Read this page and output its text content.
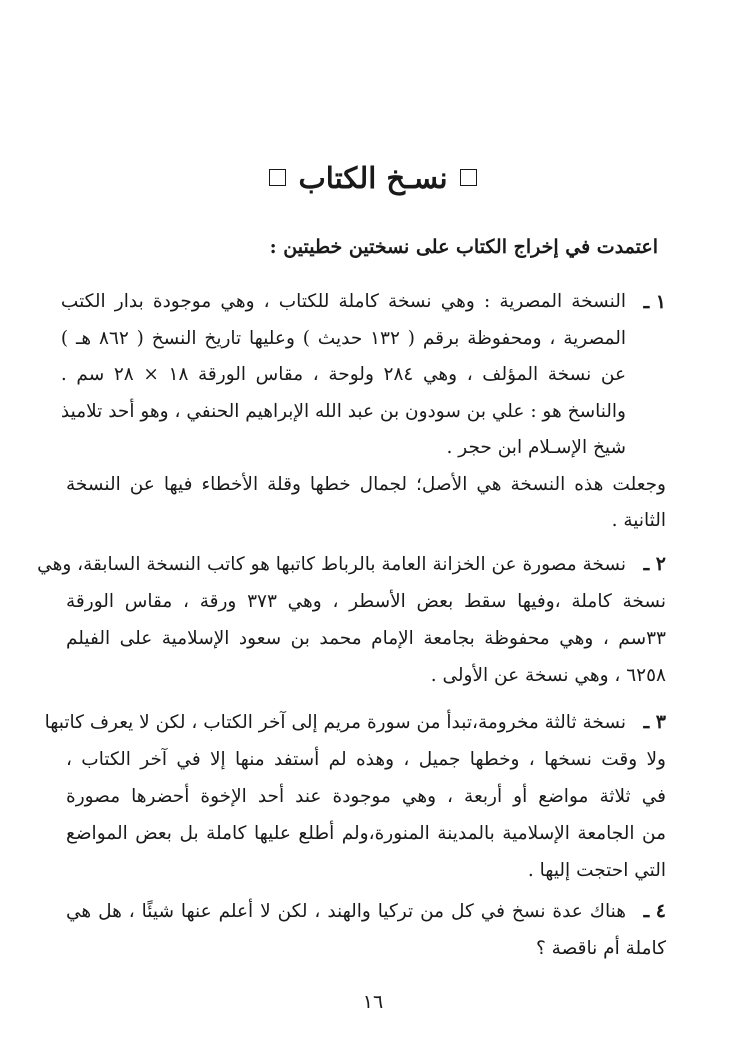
نسـخ الكتاب
اعتمدت في إخراج الكتاب على نسختين خطيتين :
١ ـ
النسخة المصرية : وهي نسخة كاملة للكتاب ، وهي موجودة بدار الكتب
المصرية ، ومحفوظة برقم ( ١٣٢ حديث ) وعليها تاريخ النسخ ( ٨٦٢ هـ )
عن نسخة المؤلف ، وهي ٢٨٤ ولوحة ، مقاس الورقة ١٨ × ٢٨ سم .
والناسخ هو : علي بن سودون بن عبد الله الإبراهيم الحنفي ، وهو أحد تلاميذ
شيخ الإسـلام ابن حجر .
وجعلت هذه النسخة هي الأصل؛ لجمال خطها وقلة الأخطاء فيها عن النسخة
الثانية .
٢ ـ
نسخة مصورة عن الخزانة العامة بالرباط كاتبها هو كاتب النسخة السابقة، وهي
نسخة كاملة ،وفيها سقط بعض الأسطر ، وهي ٣٧٣ ورقة ، مقاس الورقة
٣٣سم ، وهي محفوظة بجامعة الإمام محمد بن سعود الإسلامية على الفيلم
٦٢٥٨ ، وهي نسخة عن الأولى .
٣ ـ
نسخة ثالثة مخرومة،تبدأ من سورة مريم إلى آخر الكتاب ، لكن لا يعرف كاتبها
ولا وقت نسخها ، وخطها جميل ، وهذه لم أستفد منها إلا في آخر الكتاب ،
في ثلاثة مواضع أو أربعة ، وهي موجودة عند أحد الإخوة أحضرها مصورة
من الجامعة الإسلامية بالمدينة المنورة،ولم أطلع عليها كاملة بل بعض المواضع
التي احتجت إليها .
٤ ـ
هناك عدة نسخ في كل من تركيا والهند ، لكن لا أعلم عنها شيئًا ، هل هي
كاملة أم ناقصة ؟
١٦
